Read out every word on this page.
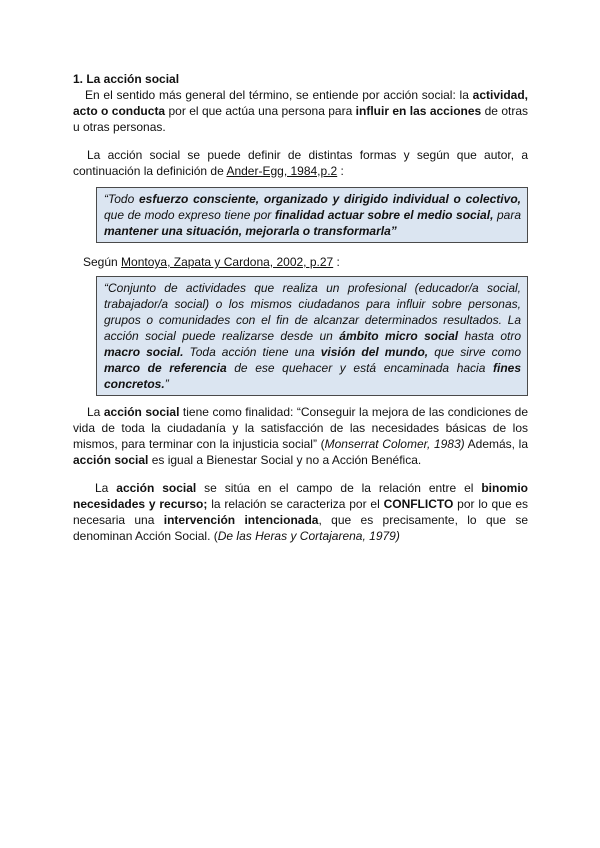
1. La acción social

En el sentido más general del término, se entiende por acción social: la actividad, acto o conducta por el que actúa una persona para influir en las acciones de otras u otras personas.

La acción social se puede definir de distintas formas y según que autor, a continuación la definición de Ander-Egg, 1984,p.2 :

“Todo esfuerzo consciente, organizado y dirigido individual o colectivo, que de modo expreso tiene por finalidad actuar sobre el medio social, para mantener una situación, mejorarla o transformarla”

Según Montoya, Zapata y Cardona, 2002, p.27 :

“Conjunto de actividades que realiza un profesional (educador/a social, trabajador/a social) o los mismos ciudadanos para influir sobre personas, grupos o comunidades con el fin de alcanzar determinados resultados. La acción social puede realizarse desde un ámbito micro social hasta otro macro social. Toda acción tiene una visión del mundo, que sirve como marco de referencia de ese quehacer y está encaminada hacia fines concretos.”

La acción social tiene como finalidad: “Conseguir la mejora de las condiciones de vida de toda la ciudadanía y la satisfacción de las necesidades básicas de los mismos, para terminar con la injusticia social” (Monserrat Colomer, 1983) Además, la acción social es igual a Bienestar Social y no a Acción Benéfica.

La acción social se sitúa en el campo de la relación entre el binomio necesidades y recurso; la relación se caracteriza por el CONFLICTO por lo que es necesaria una intervención intencionada, que es precisamente, lo que se denominan Acción Social. (De las Heras y Cortajarena, 1979)
